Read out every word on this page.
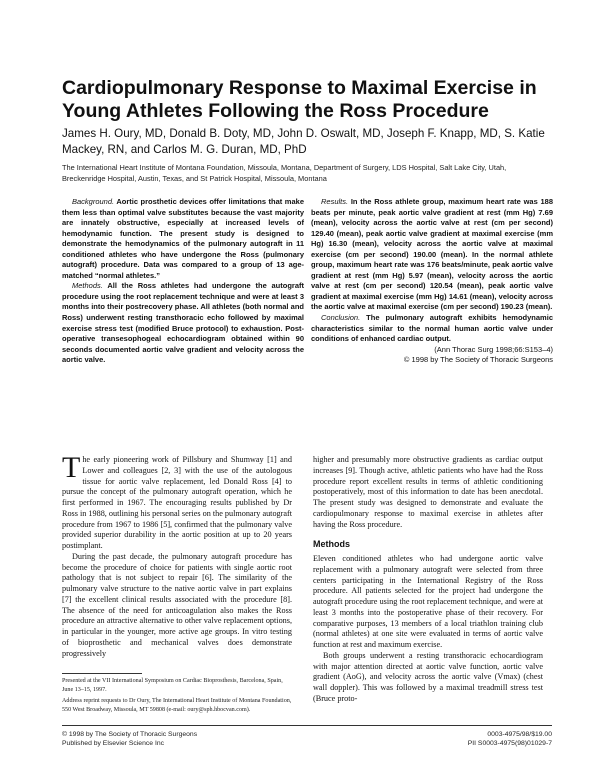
Cardiopulmonary Response to Maximal Exercise in Young Athletes Following the Ross Procedure
James H. Oury, MD, Donald B. Doty, MD, John D. Oswalt, MD, Joseph F. Knapp, MD, S. Katie Mackey, RN, and Carlos M. G. Duran, MD, PhD
The International Heart Institute of Montana Foundation, Missoula, Montana, Department of Surgery, LDS Hospital, Salt Lake City, Utah, Breckenridge Hospital, Austin, Texas, and St Patrick Hospital, Missoula, Montana

Background. Aortic prosthetic devices offer limitations that make them less than optimal valve substitutes because the vast majority are innately obstructive, especially at increased levels of hemodynamic function. The present study is designed to demonstrate the hemodynamics of the pulmonary autograft in 11 conditioned athletes who have undergone the Ross (pulmonary autograft) procedure. Data was compared to a group of 13 age-matched “normal athletes.”

Methods. All the Ross athletes had undergone the autograft procedure using the root replacement technique and were at least 3 months into their postrecovery phase. All athletes (both normal and Ross) underwent resting transthoracic echo followed by maximal exercise stress test (modified Bruce protocol) to exhaustion. Post-operative transesophogeal echocardiogram obtained within 90 seconds documented aortic valve gradient and velocity across the aortic valve.

Results. In the Ross athlete group, maximum heart rate was 188 beats per minute, peak aortic valve gradient at rest (mm Hg) 7.69 (mean), velocity across the aortic valve at rest (cm per second) 129.40 (mean), peak aortic valve gradient at maximal exercise (mm Hg) 16.30 (mean), velocity across the aortic valve at maximal exercise (cm per second) 190.00 (mean). In the normal athlete group, maximum heart rate was 176 beats/minute, peak aortic valve gradient at rest (mm Hg) 5.97 (mean), velocity across the aortic valve at rest (cm per second) 120.54 (mean), peak aortic valve gradient at maximal exercise (mm Hg) 14.61 (mean), velocity across the aortic valve at maximal exercise (cm per second) 190.23 (mean).

Conclusion. The pulmonary autograft exhibits hemodynamic characteristics similar to the normal human aortic valve under conditions of enhanced cardiac output.

(Ann Thorac Surg 1998;66:S153–4)

© 1998 by The Society of Thoracic Surgeons

The early pioneering work of Pillsbury and Shumway [1] and Lower and colleagues [2, 3] with the use of the autologous tissue for aortic valve replacement, led Donald Ross [4] to pursue the concept of the pulmonary autograft operation, which he first performed in 1967. The encouraging results published by Dr Ross in 1988, outlining his personal series on the pulmonary autograft procedure from 1967 to 1986 [5], confirmed that the pulmonary valve provided superior durability in the aortic position at up to 20 years postimplant.

During the past decade, the pulmonary autograft procedure has become the procedure of choice for patients with single aortic root pathology that is not subject to repair [6]. The similarity of the pulmonary valve structure to the native aortic valve in part explains [7] the excellent clinical results associated with the procedure [8]. The absence of the need for anticoagulation also makes the Ross procedure an attractive alternative to other valve replacement options, in particular in the younger, more active age groups. In vitro testing of bioprosthetic and mechanical valves does demonstrate progressively

higher and presumably more obstructive gradients as cardiac output increases [9]. Though active, athletic patients who have had the Ross procedure report excellent results in terms of athletic conditioning postoperatively, most of this information to date has been anecdotal. The present study was designed to demonstrate and evaluate the cardiopulmonary response to maximal exercise in athletes after having the Ross procedure.

Methods

Eleven conditioned athletes who had undergone aortic valve replacement with a pulmonary autograft were selected from three centers participating in the International Registry of the Ross procedure. All patients selected for the project had undergone the autograft procedure using the root replacement technique, and were at least 3 months into the postoperative phase of their recovery. For comparative purposes, 13 members of a local triathlon training club (normal athletes) at one site were evaluated in terms of aortic valve function at rest and maximum exercise.

Both groups underwent a resting transthoracic echocardiogram with major attention directed at aortic valve function, aortic valve gradient (AoG), and velocity across the aortic valve (Vmax) (chest wall doppler). This was followed by a maximal treadmill stress test (Bruce proto-

Presented at the VII International Symposium on Cardiac Bioprosthesis, Barcelona, Spain, June 13–15, 1997.

Address reprint requests to Dr Oury, The International Heart Institute of Montana Foundation, 550 West Broadway, Missoula, MT 59808 (e-mail: oury@sph.hbocvan.com).

© 1998 by The Society of Thoracic Surgeons
Published by Elsevier Science Inc
0003-4975/98/$19.00
PII S0003-4975(98)01029-7
